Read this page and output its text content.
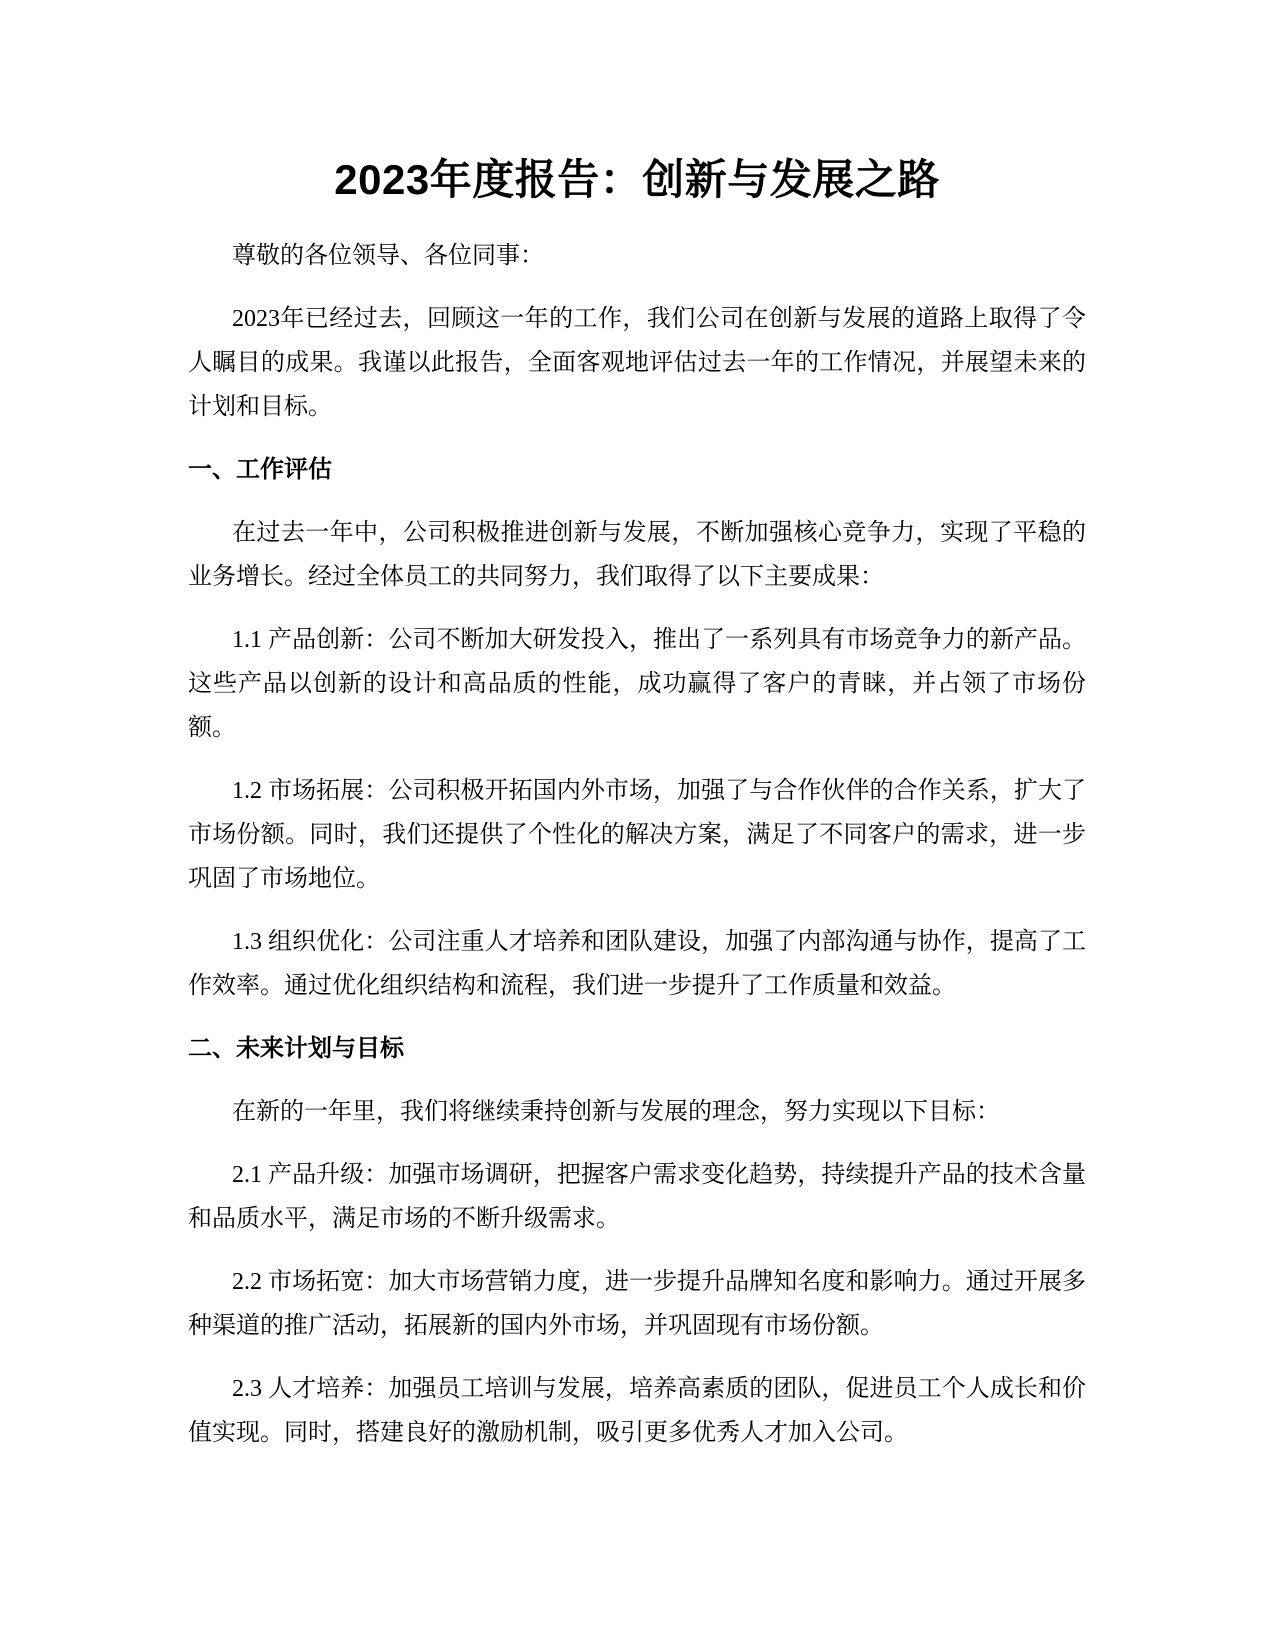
2023年度报告：创新与发展之路

尊敬的各位领导、各位同事：

2023年已经过去，回顾这一年的工作，我们公司在创新与发展的道路上取得了令人瞩目的成果。我谨以此报告，全面客观地评估过去一年的工作情况，并展望未来的计划和目标。

一、工作评估

在过去一年中，公司积极推进创新与发展，不断加强核心竞争力，实现了平稳的业务增长。经过全体员工的共同努力，我们取得了以下主要成果：

1.1 产品创新：公司不断加大研发投入，推出了一系列具有市场竞争力的新产品。这些产品以创新的设计和高品质的性能，成功赢得了客户的青睐，并占领了市场份额。

1.2 市场拓展：公司积极开拓国内外市场，加强了与合作伙伴的合作关系，扩大了市场份额。同时，我们还提供了个性化的解决方案，满足了不同客户的需求，进一步巩固了市场地位。

1.3 组织优化：公司注重人才培养和团队建设，加强了内部沟通与协作，提高了工作效率。通过优化组织结构和流程，我们进一步提升了工作质量和效益。

二、未来计划与目标

在新的一年里，我们将继续秉持创新与发展的理念，努力实现以下目标：

2.1 产品升级：加强市场调研，把握客户需求变化趋势，持续提升产品的技术含量和品质水平，满足市场的不断升级需求。

2.2 市场拓宽：加大市场营销力度，进一步提升品牌知名度和影响力。通过开展多种渠道的推广活动，拓展新的国内外市场，并巩固现有市场份额。

2.3 人才培养：加强员工培训与发展，培养高素质的团队，促进员工个人成长和价值实现。同时，搭建良好的激励机制，吸引更多优秀人才加入公司。
